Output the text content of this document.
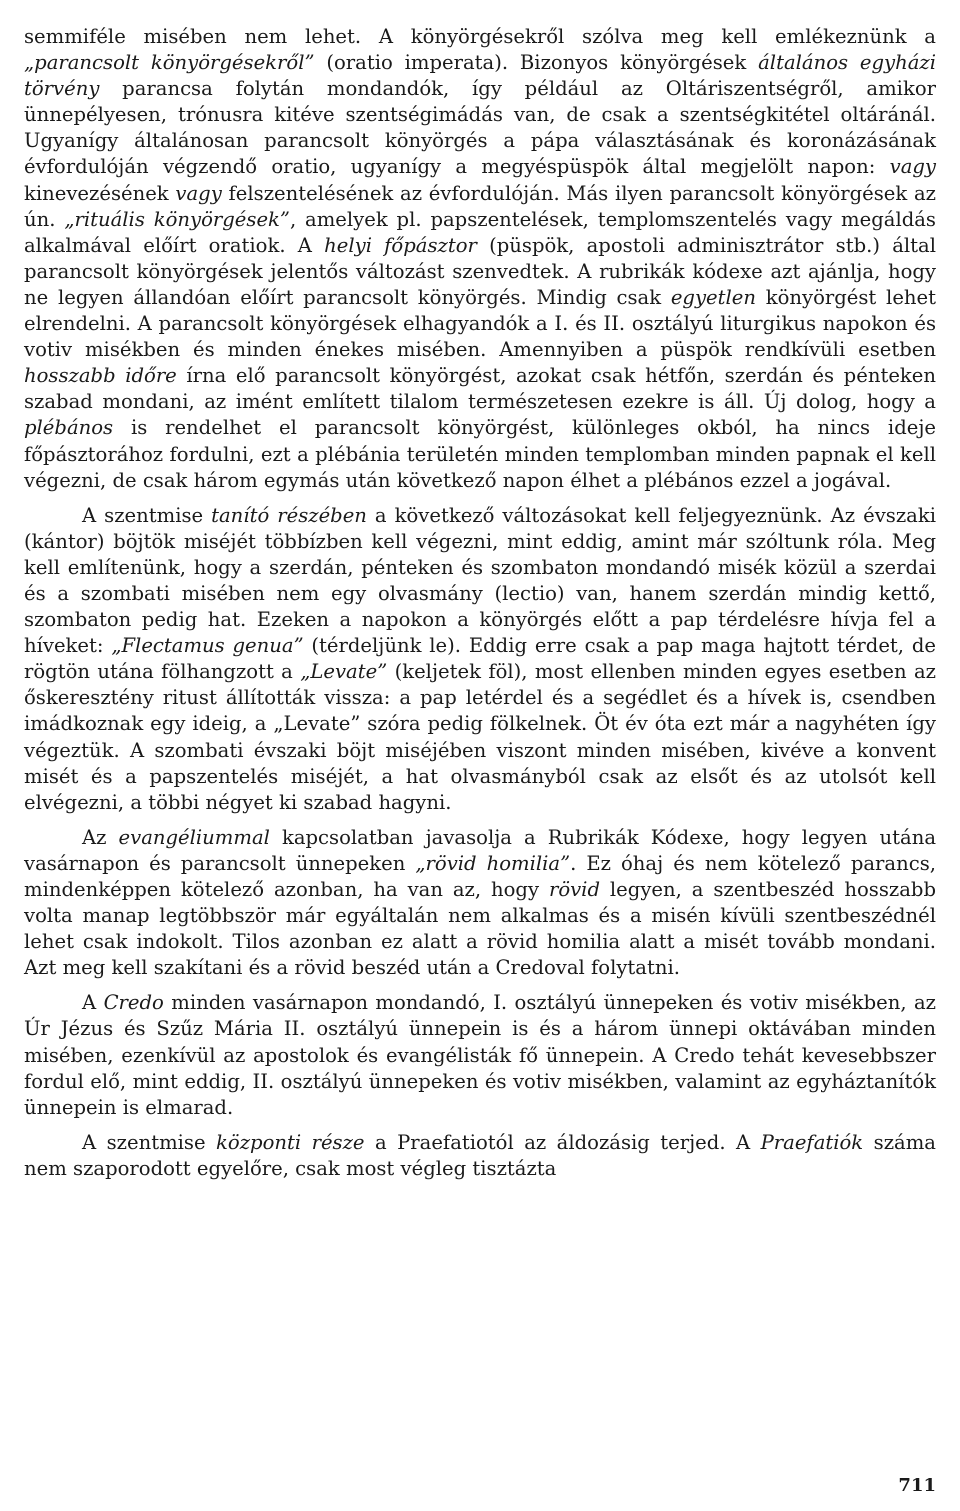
semmiféle misében nem lehet. A könyörgésekről szólva meg kell emlékeznünk a „parancsolt könyörgésekről” (oratio imperata). Bizonyos könyörgések általános egyházi törvény parancsa folytán mondandók, így például az Oltáriszentségről, amikor ünnepélyesen, trónusra kitéve szentségimádás van, de csak a szentségkitétel oltáránál. Ugyanígy általánosan parancsolt könyörgés a pápa választásának és koronázásának évfordulóján végzendő oratio, ugyanígy a megyéspüspök által megjelölt napon: vagy kinevezésének vagy felszentelésének az évfordulóján. Más ilyen parancsolt könyörgések az ún. „rituális könyörgések”, amelyek pl. papszentelések, templomszentelés vagy megáldás alkalmával előírt oratiok. A helyi főpásztor (püspök, apostoli adminisztrátor stb.) által parancsolt könyörgések jelentős változást szenvedtek. A rubrikák kódexe azt ajánlja, hogy ne legyen állandóan előírt parancsolt könyörgés. Mindig csak egyetlen könyörgést lehet elrendelni. A parancsolt könyörgések elhagyandók a I. és II. osztályú liturgikus napokon és votiv misékben és minden énekes misében. Amennyiben a püspök rendkívüli esetben hosszabb időre írna elő parancsolt könyörgést, azokat csak hétfőn, szerdán és pénteken szabad mondani, az imént említett tilalom természetesen ezekre is áll. Új dolog, hogy a plébános is rendelhet el parancsolt könyörgést, különleges okból, ha nincs ideje főpásztorához fordulni, ezt a plébánia területén minden templomban minden papnak el kell végezni, de csak három egymás után következő napon élhet a plébános ezzel a jogával.

A szentmise tanító részében a következő változásokat kell feljegyeznünk. Az évszaki (kántor) böjtök miséjét többízben kell végezni, mint eddig, amint már szóltunk róla. Meg kell említenünk, hogy a szerdán, pénteken és szombaton mondandó misék közül a szerdai és a szombati misében nem egy olvasmány (lectio) van, hanem szerdán mindig kettő, szombaton pedig hat. Ezeken a napokon a könyörgés előtt a pap térdelésre hívja fel a híveket: „Flectamus genua” (térdeljünk le). Eddig erre csak a pap maga hajtott térdet, de rögtön utána fölhangzott a „Levate” (keljetek föl), most ellenben minden egyes esetben az őskeresztény ritust állították vissza: a pap letérdel és a segédlet és a hívek is, csendben imádkoznak egy ideig, a „Levate” szóra pedig fölkelnek. Öt év óta ezt már a nagyhéten így végeztük. A szombati évszaki böjt miséjében viszont minden misében, kivéve a konvent misét és a papszentelés miséjét, a hat olvasmányból csak az elsőt és az utolsót kell elvégezni, a többi négyet ki szabad hagyni.

Az evangéliummal kapcsolatban javasolja a Rubrikák Kódexe, hogy legyen utána vasárnapon és parancsolt ünnepeken „rövid homilia”. Ez óhaj és nem kötelező parancs, mindenképpen kötelező azonban, ha van az, hogy rövid legyen, a szentbeszéd hosszabb volta manap legtöbbször már egyáltalán nem alkalmas és a misén kívüli szentbeszédnél lehet csak indokolt. Tilos azonban ez alatt a rövid homilia alatt a misét tovább mondani. Azt meg kell szakítani és a rövid beszéd után a Credoval folytatni.

A Credo minden vasárnapon mondandó, I. osztályú ünnepeken és votiv misékben, az Úr Jézus és Szűz Mária II. osztályú ünnepein is és a három ünnepi oktávában minden misében, ezenkívül az apostolok és evangélisták fő ünnepein. A Credo tehát kevesebbszer fordul elő, mint eddig, II. osztályú ünnepeken és votiv misékben, valamint az egyháztanítók ünnepein is elmarad.

A szentmise központi része a Praefatiotól az áldozásig terjed. A Praefatiók száma nem szaporodott egyelőre, csak most végleg tisztázta

711
